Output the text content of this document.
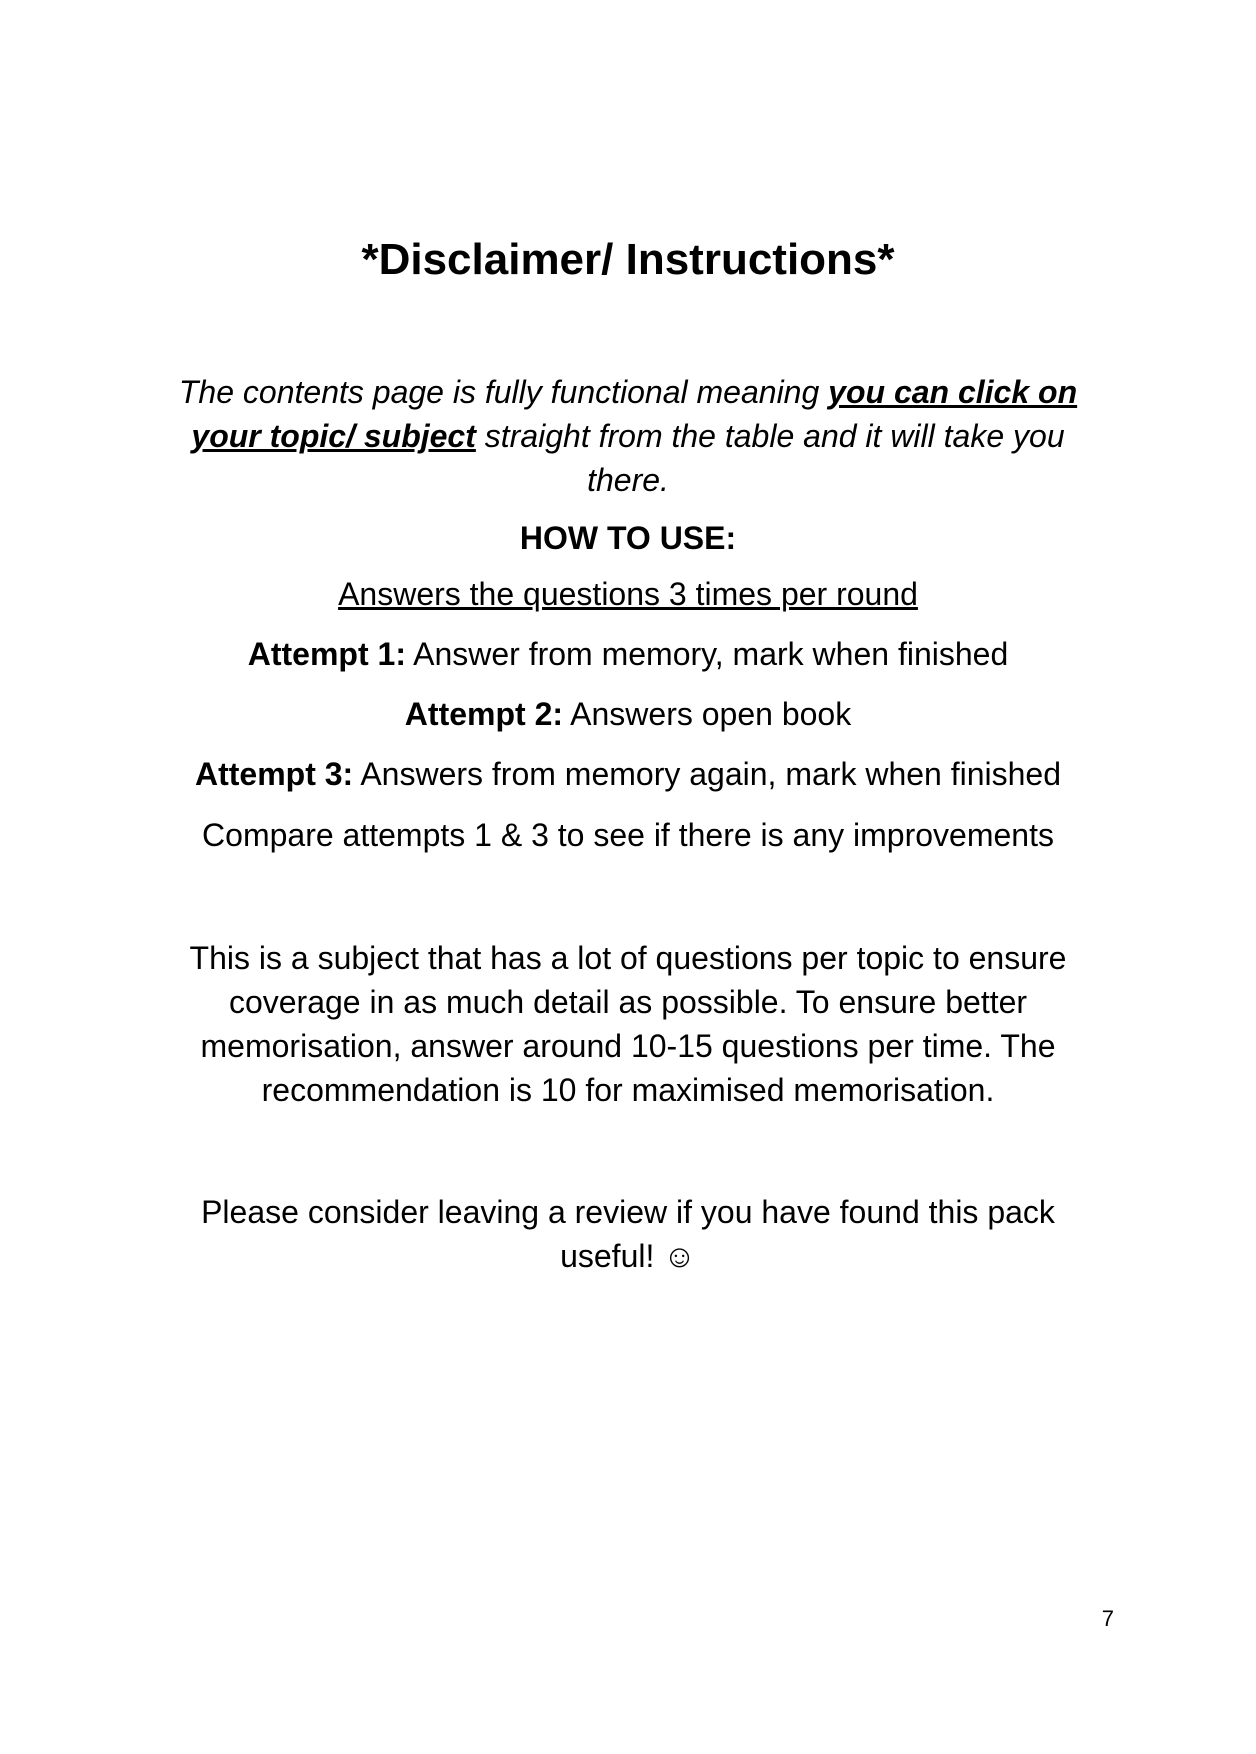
*Disclaimer/ Instructions*

The contents page is fully functional meaning you can click on your topic/ subject straight from the table and it will take you there.

HOW TO USE:

Answers the questions 3 times per round

Attempt 1: Answer from memory, mark when finished

Attempt 2: Answers open book

Attempt 3: Answers from memory again, mark when finished

Compare attempts 1 & 3 to see if there is any improvements

This is a subject that has a lot of questions per topic to ensure coverage in as much detail as possible. To ensure better memorisation, answer around 10-15 questions per time. The recommendation is 10 for maximised memorisation.

Please consider leaving a review if you have found this pack useful! ☺

7
